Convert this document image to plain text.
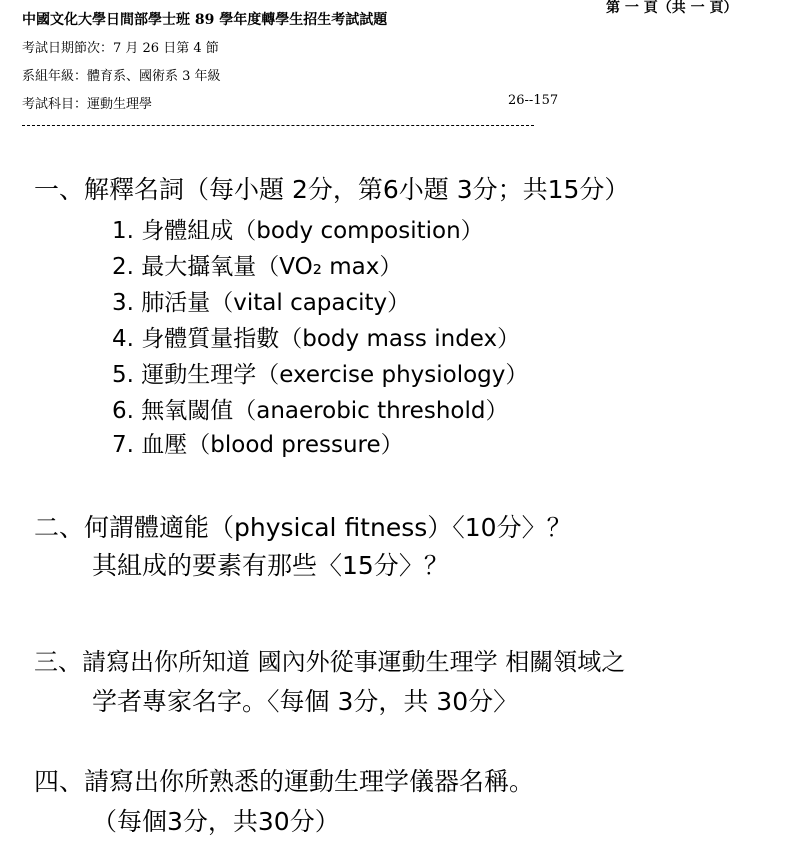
中國文化大學日間部學士班 89 學年度轉學生招生考試試題
第 一 頁（共 一 頁）
考試日期節次：7 月 26 日第 4 節
系組年級：體育系、國術系 3 年級
考試科目：運動生理學	26--157
一、解釋名詞（每小題 2分，第6小題 3分；共15分）
1. 身體組成（body composition）
2. 最大攝氧量（VO₂ max）
3. 肺活量（vital capacity）
4. 身體質量指數（body mass index）
5. 運動生理学（exercise physiology）
6. 無氧閾值（anaerobic threshold）
7. 血壓（blood pressure）
二、何謂體適能（physical fitness）〈10分〉？
其組成的要素有那些〈15分〉？
三、請寫出你所知道 國內外從事運動生理学 相關領域之
学者專家名字。〈每個 3分，共 30分〉
四、請寫出你所熟悉的運動生理学儀器名稱。
（每個3分，共30分）
